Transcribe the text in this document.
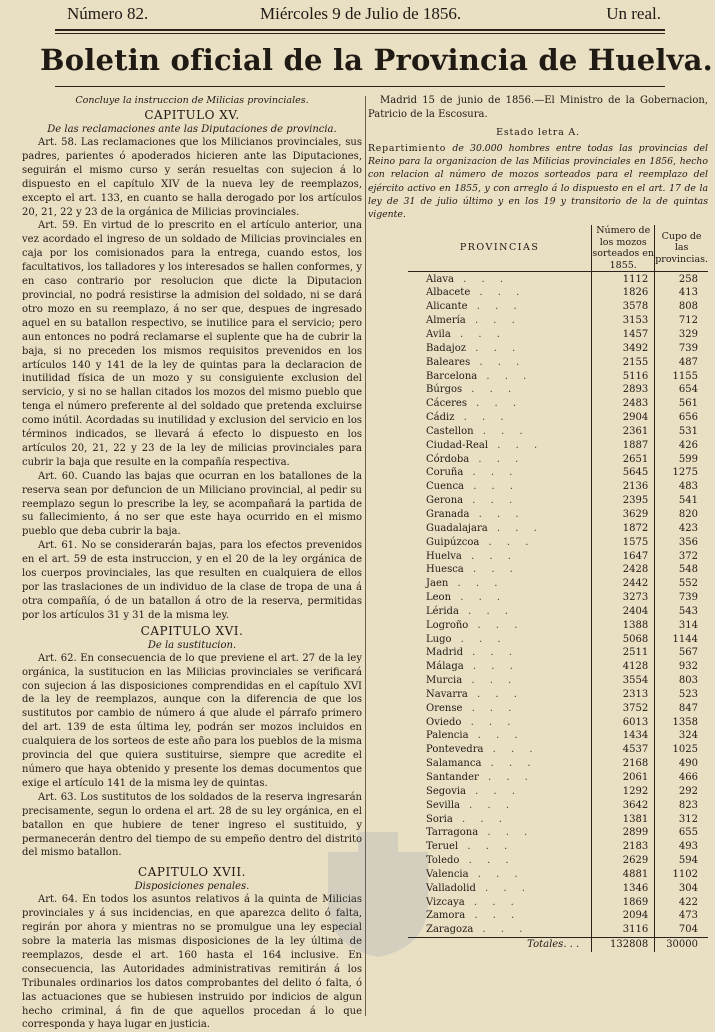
Número 82.	Miércoles 9 de Julio de 1856.	Un real.
Boletin oficial de la Provincia de Huelva.

Concluye la instruccion de Milicias provinciales.

CAPITULO XV.

De las reclamaciones ante las Diputaciones de provincia.

Art. 58. Las reclamaciones que los Milicianos provinciales, sus padres, parientes ó apoderados hicieren ante las Diputaciones, seguirán el mismo curso y serán resueltas con sujecion á lo dispuesto en el capítulo XIV de la nueva ley de reemplazos, excepto el art. 133, en cuanto se halla derogado por los artículos 20, 21, 22 y 23 de la orgánica de Milicias provinciales.

Art. 59. En virtud de lo prescrito en el artículo anterior, una vez acordado el ingreso de un soldado de Milicias provinciales en caja por los comisionados para la entrega, cuando estos, los facultativos, los talladores y los interesados se hallen conformes, y en caso contrario por resolucion que dicte la Diputacion provincial, no podrá resistirse la admision del soldado, ni se dará otro mozo en su reemplazo, á no ser que, despues de ingresado aquel en su batallon respectivo, se inutilice para el servicio; pero aun entonces no podrá reclamarse el suplente que ha de cubrir la baja, si no preceden los mismos requisitos prevenidos en los artículos 140 y 141 de la ley de quintas para la declaracion de inutilidad física de un mozo y su consiguiente exclusion del servicio, y si no se hallan citados los mozos del mismo pueblo que tenga el número preferente al del soldado que pretenda excluirse como inútil. Acordadas su inutilidad y exclusion del servicio en los términos indicados, se llevará á efecto lo dispuesto en los artículos 20, 21, 22 y 23 de la ley de milicias provinciales para cubrir la baja que resulte en la compañía respectiva.

Art. 60. Cuando las bajas que ocurran en los batallones de la reserva sean por defuncion de un Miliciano provincial, al pedir su reemplazo segun lo prescribe la ley, se acompañará la partida de su fallecimiento, á no ser que este haya ocurrido en el mismo pueblo que deba cubrir la baja.

Art. 61. No se considerarán bajas, para los efectos prevenidos en el art. 59 de esta instruccion, y en el 20 de la ley orgánica de los cuerpos provinciales, las que resulten en cualquiera de ellos por las traslaciones de un individuo de la clase de tropa de una á otra compañía, ó de un batallon á otro de la reserva, permitidas por los artículos 31 y 31 de la misma ley.

CAPITULO XVI.

De la sustitucion.

Art. 62. En consecuencia de lo que previene el art. 27 de la ley orgánica, la sustitucion en las Milicias provinciales se verificará con sujecion á las disposiciones comprendidas en el capítulo XVI de la ley de reemplazos, aunque con la diferencia de que los sustitutos por cambio de número á que alude el párrafo primero del art. 139 de esta última ley, podrán ser mozos incluidos en cualquiera de los sorteos de este año para los pueblos de la misma provincia del que quiera sustituirse, siempre que acredite el número que haya obtenido y presente los demas documentos que exige el artículo 141 de la misma ley de quintas.

Art. 63. Los sustitutos de los soldados de la reserva ingresarán precisamente, segun lo ordena el art. 28 de su ley orgánica, en el batallon en que hubiere de tener ingreso el sustituido, y permanecerán dentro del tiempo de su empeño dentro del distrito del mismo batallon.

CAPITULO XVII.

Disposiciones penales.

Art. 64. En todos los asuntos relativos á la quinta de Milicias provinciales y á sus incidencias, en que aparezca delito ó falta, regirán por ahora y mientras no se promulgue una ley especial sobre la materia las mismas disposiciones de la ley última de reemplazos, desde el art. 160 hasta el 164 inclusive. En consecuencia, las Autoridades administrativas remitirán á los Tribunales ordinarios los datos comprobantes del delito ó falta, ó las actuaciones que se hubiesen instruido por indicios de algun hecho criminal, á fin de que aquellos procedan á lo que corresponda y haya lugar en justicia.

Madrid 15 de junio de 1856.—El Ministro de la Gobernacion, Patricio de la Escosura.

Estado letra A.

Repartimiento de 30.000 hombres entre todas las provincias del Reino para la organizacion de las Milicias provinciales en 1856, hecho con relacion al número de mozos sorteados para el reemplazo del ejército activo en 1855, y con arreglo á lo dispuesto en el art. 17 de la ley de 31 de julio último y en los 19 y transitorio de la de quintas vigente.

PROVINCIAS	Número de los mozos sorteados en 1855.	Cupo de las provincias.
Alava . . .	1112	258
Albacete . . .	1826	413
Alicante . . .	3578	808
Almería . . .	3153	712
Avila . . .	1457	329
Badajoz . . .	3492	739
Baleares . . .	2155	487
Barcelona . . .	5116	1155
Búrgos . . .	2893	654
Cáceres . . .	2483	561
Cádiz . . .	2904	656
Castellon . . .	2361	531
Ciudad-Real . . .	1887	426
Córdoba . . .	2651	599
Coruña . . .	5645	1275
Cuenca . . .	2136	483
Gerona . . .	2395	541
Granada . . .	3629	820
Guadalajara . . .	1872	423
Guipúzcoa . . .	1575	356
Huelva . . .	1647	372
Huesca . . .	2428	548
Jaen . . .	2442	552
Leon . . .	3273	739
Lérida . . .	2404	543
Logroño . . .	1388	314
Lugo . . .	5068	1144
Madrid . . .	2511	567
Málaga . . .	4128	932
Murcia . . .	3554	803
Navarra . . .	2313	523
Orense . . .	3752	847
Oviedo . . .	6013	1358
Palencia . . .	1434	324
Pontevedra . . .	4537	1025
Salamanca . . .	2168	490
Santander . . .	2061	466
Segovia . . .	1292	292
Sevilla . . .	3642	823
Soria . . .	1381	312
Tarragona . . .	2899	655
Teruel . . .	2183	493
Toledo . . .	2629	594
Valencia . . .	4881	1102
Valladolid . . .	1346	304
Vizcaya . . .	1869	422
Zamora . . .	2094	473
Zaragoza . . .	3116	704
Totales. . .	132808	30000
